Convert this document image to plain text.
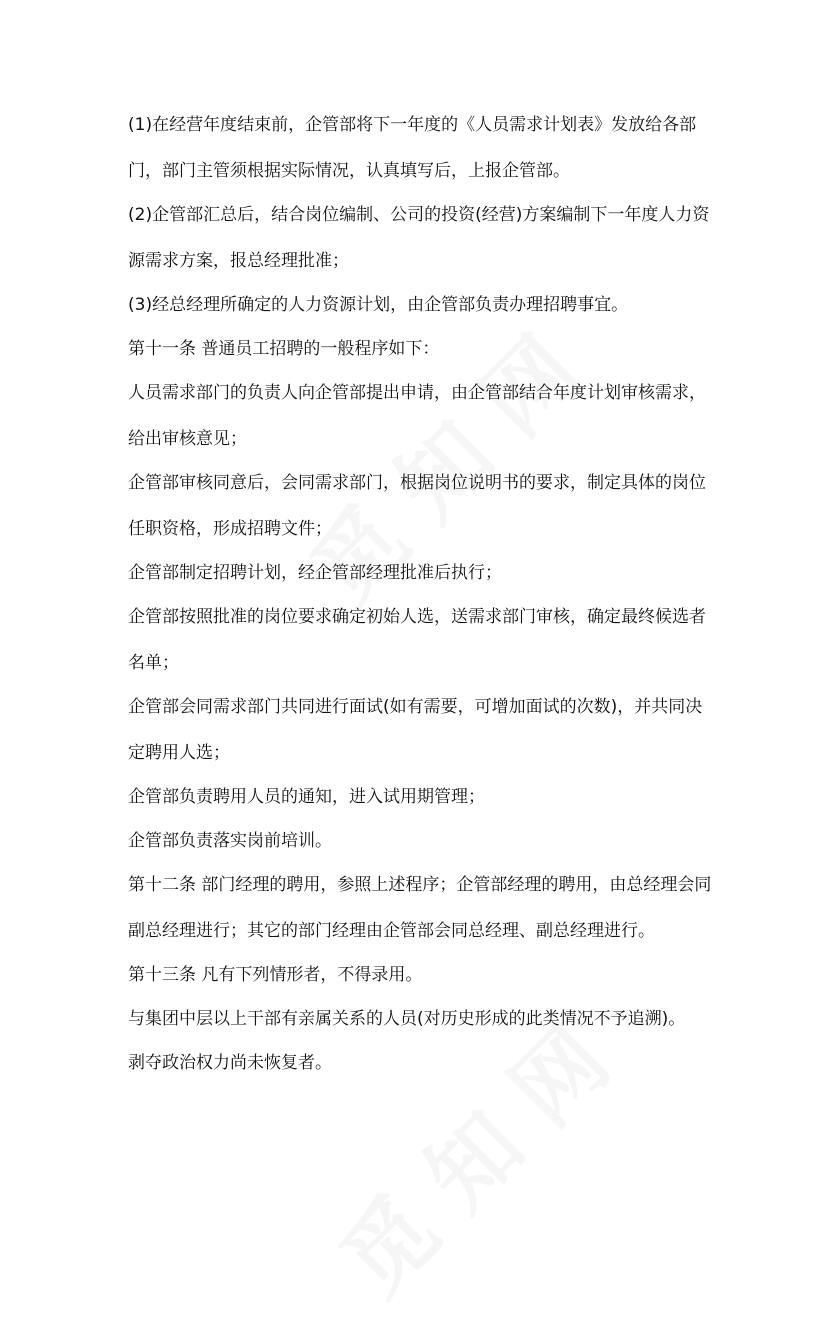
(1)在经营年度结束前，企管部将下一年度的《人员需求计划表》发放给各部

门，部门主管须根据实际情况，认真填写后，上报企管部。

(2)企管部汇总后，结合岗位编制、公司的投资(经营)方案编制下一年度人力资

源需求方案，报总经理批准；

(3)经总经理所确定的人力资源计划，由企管部负责办理招聘事宜。

第十一条 普通员工招聘的一般程序如下：

人员需求部门的负责人向企管部提出申请，由企管部结合年度计划审核需求，

给出审核意见；

企管部审核同意后，会同需求部门，根据岗位说明书的要求，制定具体的岗位

任职资格，形成招聘文件；

企管部制定招聘计划，经企管部经理批准后执行；

企管部按照批准的岗位要求确定初始人选，送需求部门审核，确定最终候选者

名单；

企管部会同需求部门共同进行面试(如有需要，可增加面试的次数)，并共同决

定聘用人选；

企管部负责聘用人员的通知，进入试用期管理；

企管部负责落实岗前培训。

第十二条 部门经理的聘用，参照上述程序；企管部经理的聘用，由总经理会同

副总经理进行；其它的部门经理由企管部会同总经理、副总经理进行。

第十三条 凡有下列情形者，不得录用。

与集团中层以上干部有亲属关系的人员(对历史形成的此类情况不予追溯)。

剥夺政治权力尚未恢复者。
